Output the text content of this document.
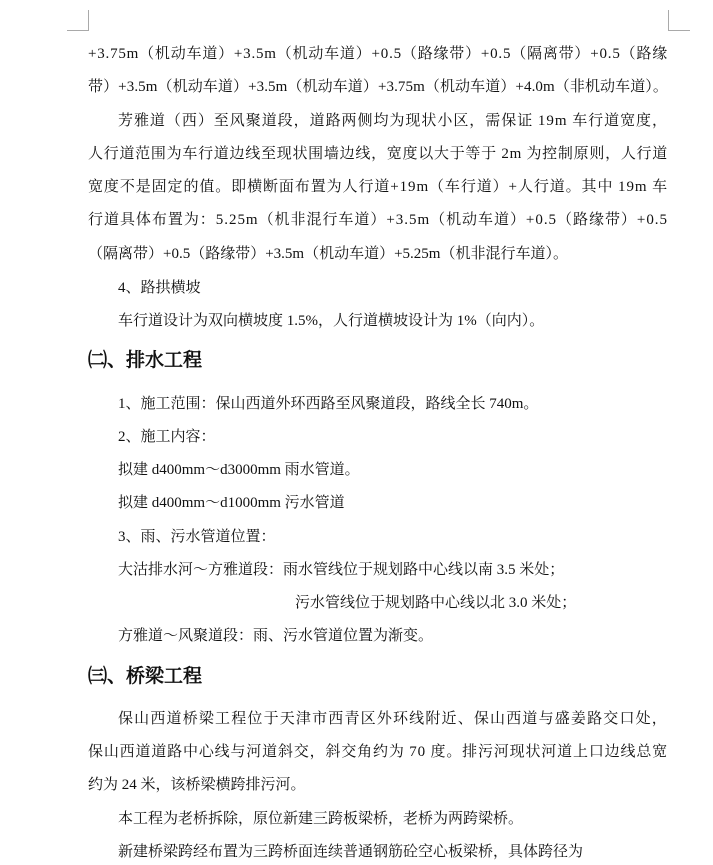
+3.75m（机动车道）+3.5m（机动车道）+0.5（路缘带）+0.5（隔离带）+0.5（路缘
带）+3.5m（机动车道）+3.5m（机动车道）+3.75m（机动车道）+4.0m（非机动车道）。
芳雅道（西）至风聚道段，道路两侧均为现状小区，需保证 19m 车行道宽度，
人行道范围为车行道边线至现状围墙边线，宽度以大于等于 2m 为控制原则，人行道
宽度不是固定的值。即横断面布置为人行道+19m（车行道）+人行道。其中 19m 车
行道具体布置为：5.25m（机非混行车道）+3.5m（机动车道）+0.5（路缘带）+0.5
（隔离带）+0.5（路缘带）+3.5m（机动车道）+5.25m（机非混行车道）。
4、路拱横坡
车行道设计为双向横坡度 1.5%，人行道横坡设计为 1%（向内）。
㈡、排水工程
1、施工范围：保山西道外环西路至风聚道段，路线全长 740m。
2、施工内容：
拟建 d400mm～d3000mm 雨水管道。
拟建 d400mm～d1000mm 污水管道
3、雨、污水管道位置：
大沽排水河～方雅道段：雨水管线位于规划路中心线以南 3.5 米处；
污水管线位于规划路中心线以北 3.0 米处；
方雅道～风聚道段：雨、污水管道位置为渐变。
㈢、桥梁工程
保山西道桥梁工程位于天津市西青区外环线附近、保山西道与盛姜路交口处，
保山西道道路中心线与河道斜交，斜交角约为 70 度。排污河现状河道上口边线总宽
约为 24 米，该桥梁横跨排污河。
本工程为老桥拆除，原位新建三跨板梁桥，老桥为两跨梁桥。
新建桥梁跨经布置为三跨桥面连续普通钢筋砼空心板梁桥，具体跨径为
